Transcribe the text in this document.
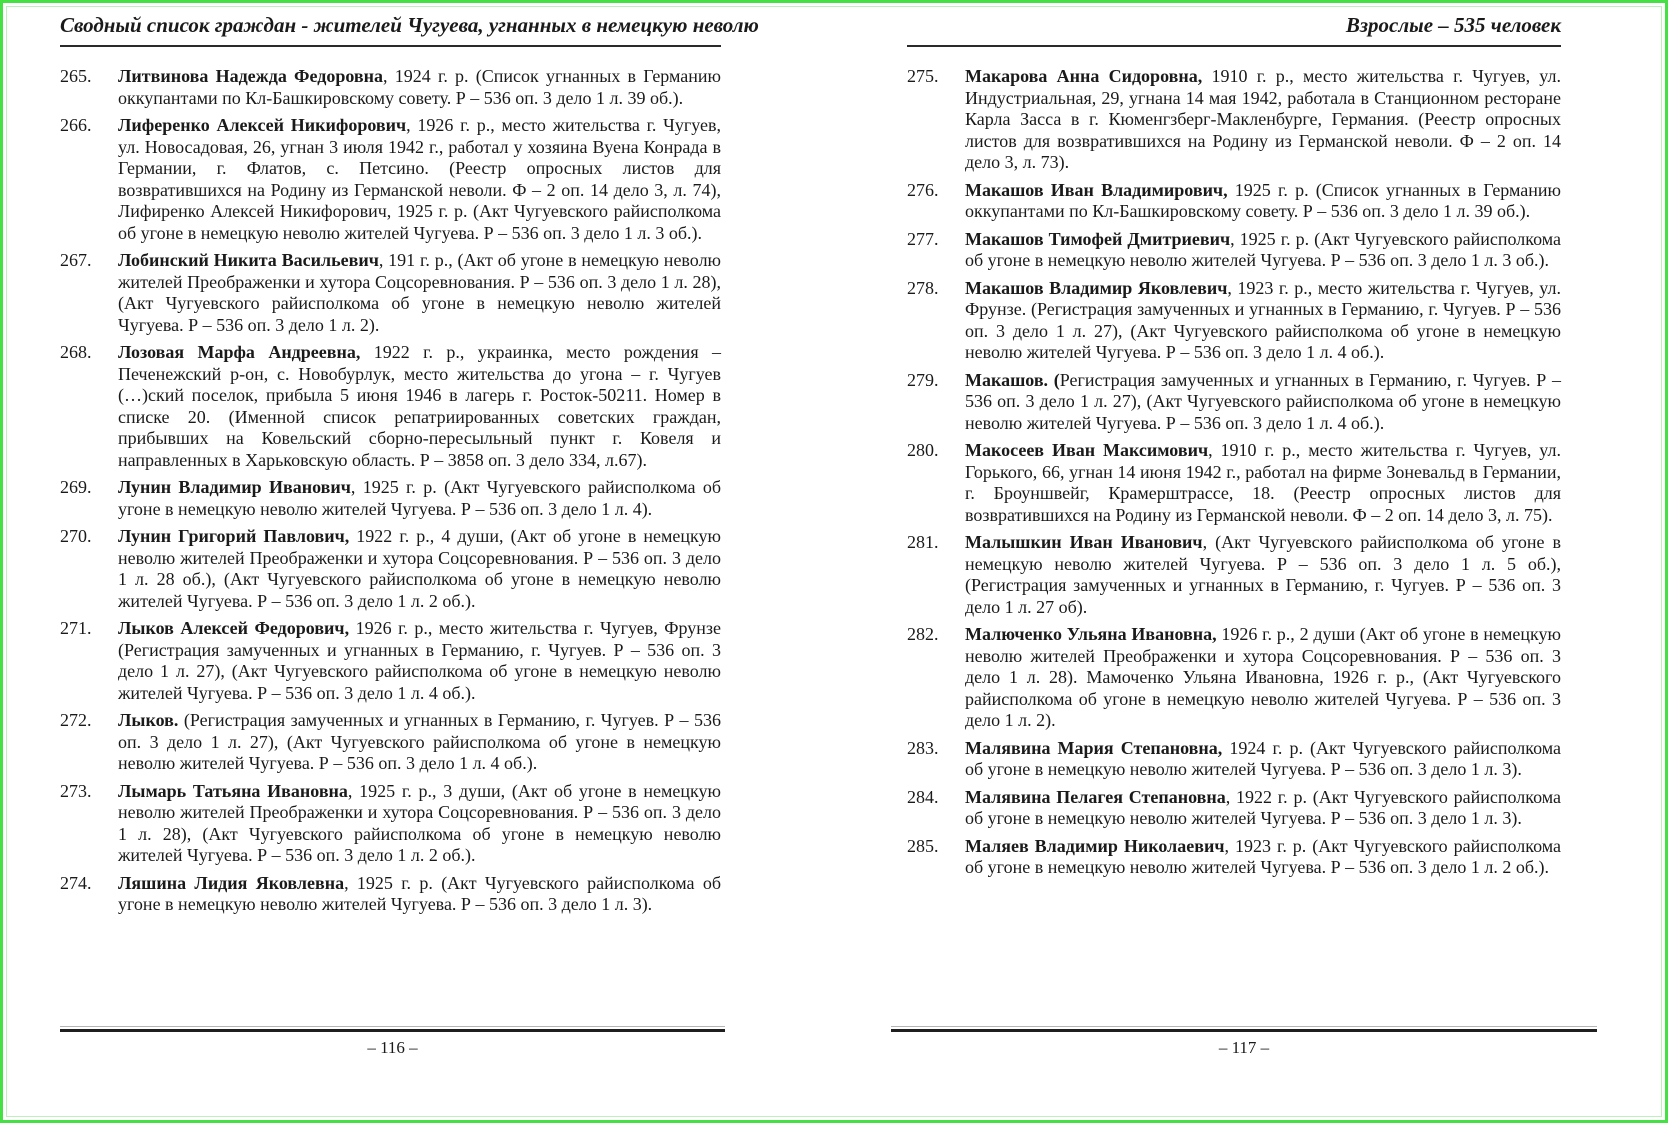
Сводный список граждан - жителей Чугуева, угнанных в немецкую неволю
265.	Литвинова Надежда Федоровна, 1924 г. р. (Список угнанных в Германию оккупантами по Кл-Башкировскому совету. Р – 536 оп. 3 дело 1 л. 39 об.).
266.	Лиференко Алексей Никифорович, 1926 г. р., место жительства г. Чугуев, ул. Новосадовая, 26, угнан 3 июля 1942 г., работал у хозяина Вуена Конрада в Германии, г. Флатов, с. Петсино. (Реестр опросных листов для возвратившихся на Родину из Германской неволи. Ф – 2 оп. 14 дело 3, л. 74), Лифиренко Алексей Никифорович, 1925 г. р. (Акт Чугуевского райисполкома об угоне в немецкую неволю жителей Чугуева. Р – 536 оп. 3 дело 1 л. 3 об.).
267.	Лобинский Никита Васильевич, 191 г. р., (Акт об угоне в немецкую неволю жителей Преображенки и хутора Соцсоревнования. Р – 536 оп. 3 дело 1 л. 28), (Акт Чугуевского райисполкома об угоне в немецкую неволю жителей Чугуева. Р – 536 оп. 3 дело 1 л. 2).
268.	Лозовая Марфа Андреевна, 1922 г. р., украинка, место рождения – Печенежский р-он, с. Новобурлук, место жительства до угона – г. Чугуев (…)ский поселок, прибыла 5 июня 1946 в лагерь г. Росток-50211. Номер в списке 20. (Именной список репатриированных советских граждан, прибывших на Ковельский сборно-пересыльный пункт г. Ковеля и направленных в Харьковскую область. Р – 3858 оп. 3 дело 334, л.67).
269.	Лунин Владимир Иванович, 1925 г. р. (Акт Чугуевского райисполкома об угоне в немецкую неволю жителей Чугуева. Р – 536 оп. 3 дело 1 л. 4).
270.	Лунин Григорий Павлович, 1922 г. р., 4 души, (Акт об угоне в немецкую неволю жителей Преображенки и хутора Соцсоревнования. Р – 536 оп. 3 дело 1 л. 28 об.), (Акт Чугуевского райисполкома об угоне в немецкую неволю жителей Чугуева. Р – 536 оп. 3 дело 1 л. 2 об.).
271.	Лыков Алексей Федорович, 1926 г. р., место жительства г. Чугуев, Фрунзе (Регистрация замученных и угнанных в Германию, г. Чугуев. Р – 536 оп. 3 дело 1 л. 27), (Акт Чугуевского райисполкома об угоне в немецкую неволю жителей Чугуева. Р – 536 оп. 3 дело 1 л. 4 об.).
272.	Лыков. (Регистрация замученных и угнанных в Германию, г. Чугуев. Р – 536 оп. 3 дело 1 л. 27), (Акт Чугуевского райисполкома об угоне в немецкую неволю жителей Чугуева. Р – 536 оп. 3 дело 1 л. 4 об.).
273.	Лымарь Татьяна Ивановна, 1925 г. р., 3 души, (Акт об угоне в немецкую неволю жителей Преображенки и хутора Соцсоревнования. Р – 536 оп. 3 дело 1 л. 28), (Акт Чугуевского райисполкома об угоне в немецкую неволю жителей Чугуева. Р – 536 оп. 3 дело 1 л. 2 об.).
274.	Ляшина Лидия Яковлевна, 1925 г. р. (Акт Чугуевского райисполкома об угоне в немецкую неволю жителей Чугуева. Р – 536 оп. 3 дело 1 л. 3).
– 116 –
Взрослые – 535 человек
275.	Макарова Анна Сидоровна, 1910 г. р., место жительства г. Чугуев, ул. Индустриальная, 29, угнана 14 мая 1942, работала в Станционном ресторане Карла Засса в г. Кюменгзберг-Макленбурге, Германия. (Реестр опросных листов для возвратившихся на Родину из Германской неволи. Ф – 2 оп. 14 дело 3, л. 73).
276.	Макашов Иван Владимирович, 1925 г. р. (Список угнанных в Германию оккупантами по Кл-Башкировскому совету. Р – 536 оп. 3 дело 1 л. 39 об.).
277.	Макашов Тимофей Дмитриевич, 1925 г. р. (Акт Чугуевского райисполкома об угоне в немецкую неволю жителей Чугуева. Р – 536 оп. 3 дело 1 л. 3 об.).
278.	Макашов Владимир Яковлевич, 1923 г. р., место жительства г. Чугуев, ул. Фрунзе. (Регистрация замученных и угнанных в Германию, г. Чугуев. Р – 536 оп. 3 дело 1 л. 27), (Акт Чугуевского райисполкома об угоне в немецкую неволю жителей Чугуева. Р – 536 оп. 3 дело 1 л. 4 об.).
279.	Макашов. (Регистрация замученных и угнанных в Германию, г. Чугуев. Р – 536 оп. 3 дело 1 л. 27), (Акт Чугуевского райисполкома об угоне в немецкую неволю жителей Чугуева. Р – 536 оп. 3 дело 1 л. 4 об.).
280.	Макосеев Иван Максимович, 1910 г. р., место жительства г. Чугуев, ул. Горького, 66, угнан 14 июня 1942 г., работал на фирме Зоневальд в Германии, г. Броуншвейг, Крамерштрассе, 18. (Реестр опросных листов для возвратившихся на Родину из Германской неволи. Ф – 2 оп. 14 дело 3, л. 75).
281.	Малышкин Иван Иванович, (Акт Чугуевского райисполкома об угоне в немецкую неволю жителей Чугуева. Р – 536 оп. 3 дело 1 л. 5 об.), (Регистрация замученных и угнанных в Германию, г. Чугуев. Р – 536 оп. 3 дело 1 л. 27 об).
282.	Малюченко Ульяна Ивановна, 1926 г. р., 2 души (Акт об угоне в немецкую неволю жителей Преображенки и хутора Соцсоревнования. Р – 536 оп. 3 дело 1 л. 28). Мамоченко Ульяна Ивановна, 1926 г. р., (Акт Чугуевского райисполкома об угоне в немецкую неволю жителей Чугуева. Р – 536 оп. 3 дело 1 л. 2).
283.	Малявина Мария Степановна, 1924 г. р. (Акт Чугуевского райисполкома об угоне в немецкую неволю жителей Чугуева. Р – 536 оп. 3 дело 1 л. 3).
284.	Малявина Пелагея Степановна, 1922 г. р. (Акт Чугуевского райисполкома об угоне в немецкую неволю жителей Чугуева. Р – 536 оп. 3 дело 1 л. 3).
285.	Маляев Владимир Николаевич, 1923 г. р. (Акт Чугуевского райисполкома об угоне в немецкую неволю жителей Чугуева. Р – 536 оп. 3 дело 1 л. 2 об.).
– 117 –
